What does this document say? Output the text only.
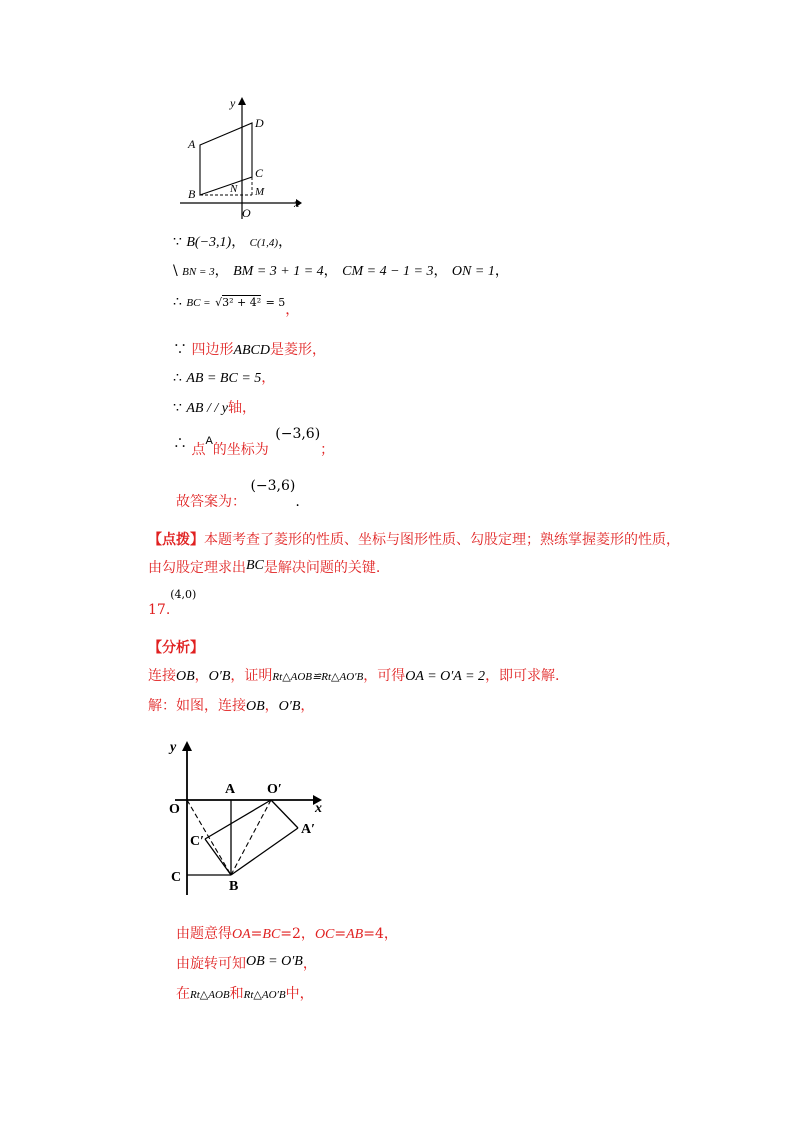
y
x
O
A
B
C
D
N M
∵ B(−3,1)， C(1,4)，
\ BN = 3， BM = 3 + 1 = 4， CM = 4 − 1 = 3， ON = 1，
∴ BC = √3² + 4² = 5，
∵ 四边形ABCD是菱形，
∴ AB = BC = 5，
∵ AB / / y轴，
∴ 点$_A$的坐标为 (−3,6)；
故答案为： (−3,6).
【点拨】本题考查了菱形的性质、坐标与图形性质、勾股定理；熟练掌握菱形的性质，
由勾股定理求出BC是解决问题的关键.
17.(4,0)
【分析】
连接OB，O′B，证明Rt△AOB≌Rt△AO′B，可得OA = O′A = 2，即可求解.
解：如图，连接OB，O′B，
y
x
O
A O′
A′
C′
C
B
由题意得OA=BC=2，OC=AB=4，
由旋转可知OB = O′B，
在Rt△AOB和Rt△AO′B中，
